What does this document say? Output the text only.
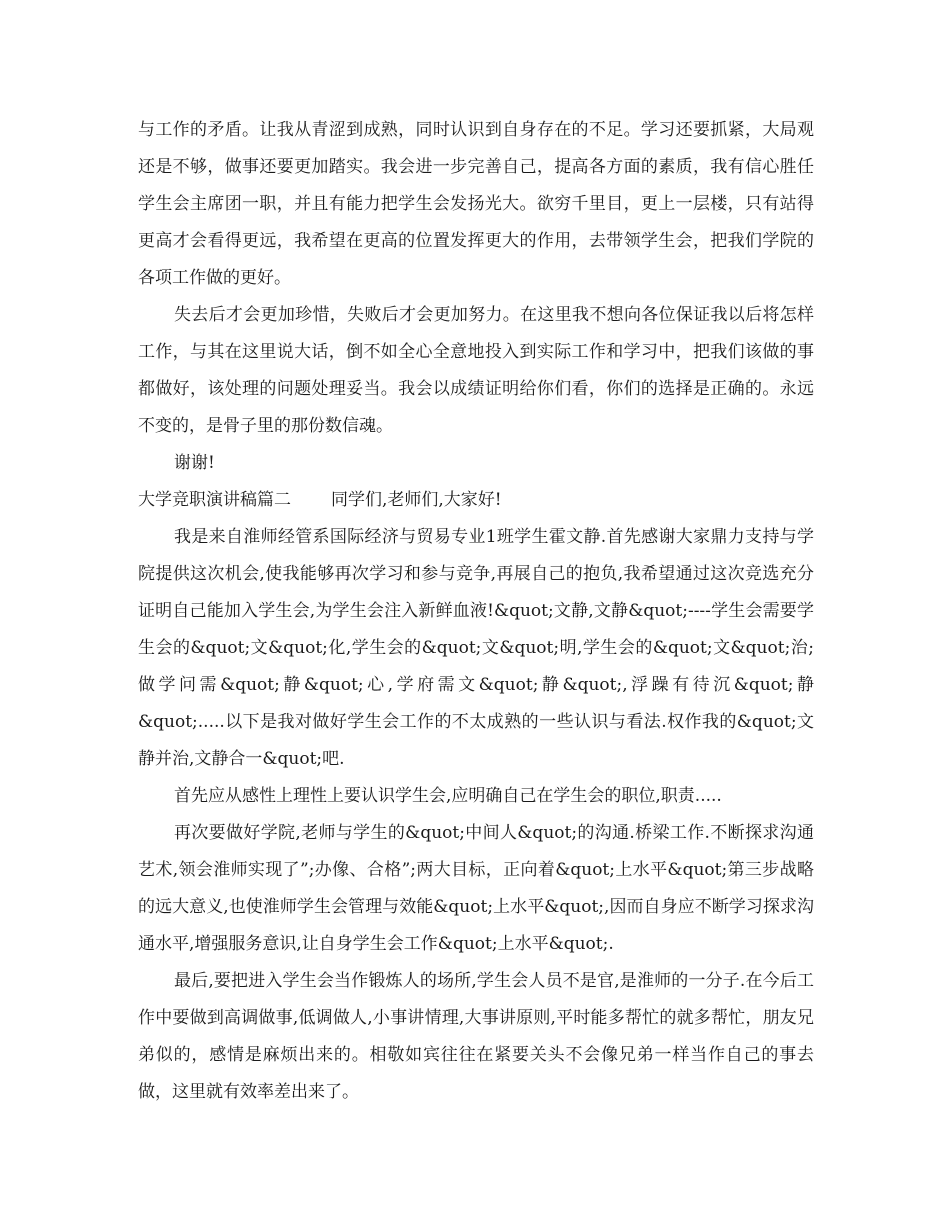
与工作的矛盾。让我从青涩到成熟，同时认识到自身存在的不足。学习还要抓紧，大局观还是不够，做事还要更加踏实。我会进一步完善自己，提高各方面的素质，我有信心胜任学生会主席团一职，并且有能力把学生会发扬光大。欲穷千里目，更上一层楼，只有站得更高才会看得更远，我希望在更高的位置发挥更大的作用，去带领学生会，把我们学院的各项工作做的更好。

失去后才会更加珍惜，失败后才会更加努力。在这里我不想向各位保证我以后将怎样工作，与其在这里说大话，倒不如全心全意地投入到实际工作和学习中，把我们该做的事都做好，该处理的问题处理妥当。我会以成绩证明给你们看，你们的选择是正确的。永远不变的，是骨子里的那份数信魂。

谢谢!

大学竞职演讲稿篇二 同学们,老师们,大家好!

我是来自淮师经管系国际经济与贸易专业1班学生霍文静.首先感谢大家鼎力支持与学院提供这次机会,使我能够再次学习和参与竞争,再展自己的抱负,我希望通过这次竞选充分证明自己能加入学生会,为学生会注入新鲜血液!&quot;文静,文静&quot;----学生会需要学生会的&quot;文&quot;化,学生会的&quot;文&quot;明,学生会的&quot;文&quot;治;做学问需&quot;静&quot;心,学府需文&quot;静&quot;,浮躁有待沉&quot;静&quot;.....以下是我对做好学生会工作的不太成熟的一些认识与看法.权作我的&quot;文静并治,文静合一&quot;吧.

首先应从感性上理性上要认识学生会,应明确自己在学生会的职位,职责.....

再次要做好学院,老师与学生的&quot;中间人&quot;的沟通.桥梁工作.不断探求沟通艺术,领会淮师实现了”;办像、合格”;两大目标，正向着&quot;上水平&quot;第三步战略的远大意义,也使淮师学生会管理与效能&quot;上水平&quot;,因而自身应不断学习探求沟通水平,增强服务意识,让自身学生会工作&quot;上水平&quot;.

最后,要把进入学生会当作锻炼人的场所,学生会人员不是官,是淮师的一分子.在今后工作中要做到高调做事,低调做人,小事讲情理,大事讲原则,平时能多帮忙的就多帮忙，朋友兄弟似的，感情是麻烦出来的。相敬如宾往往在紧要关头不会像兄弟一样当作自己的事去做，这里就有效率差出来了。
